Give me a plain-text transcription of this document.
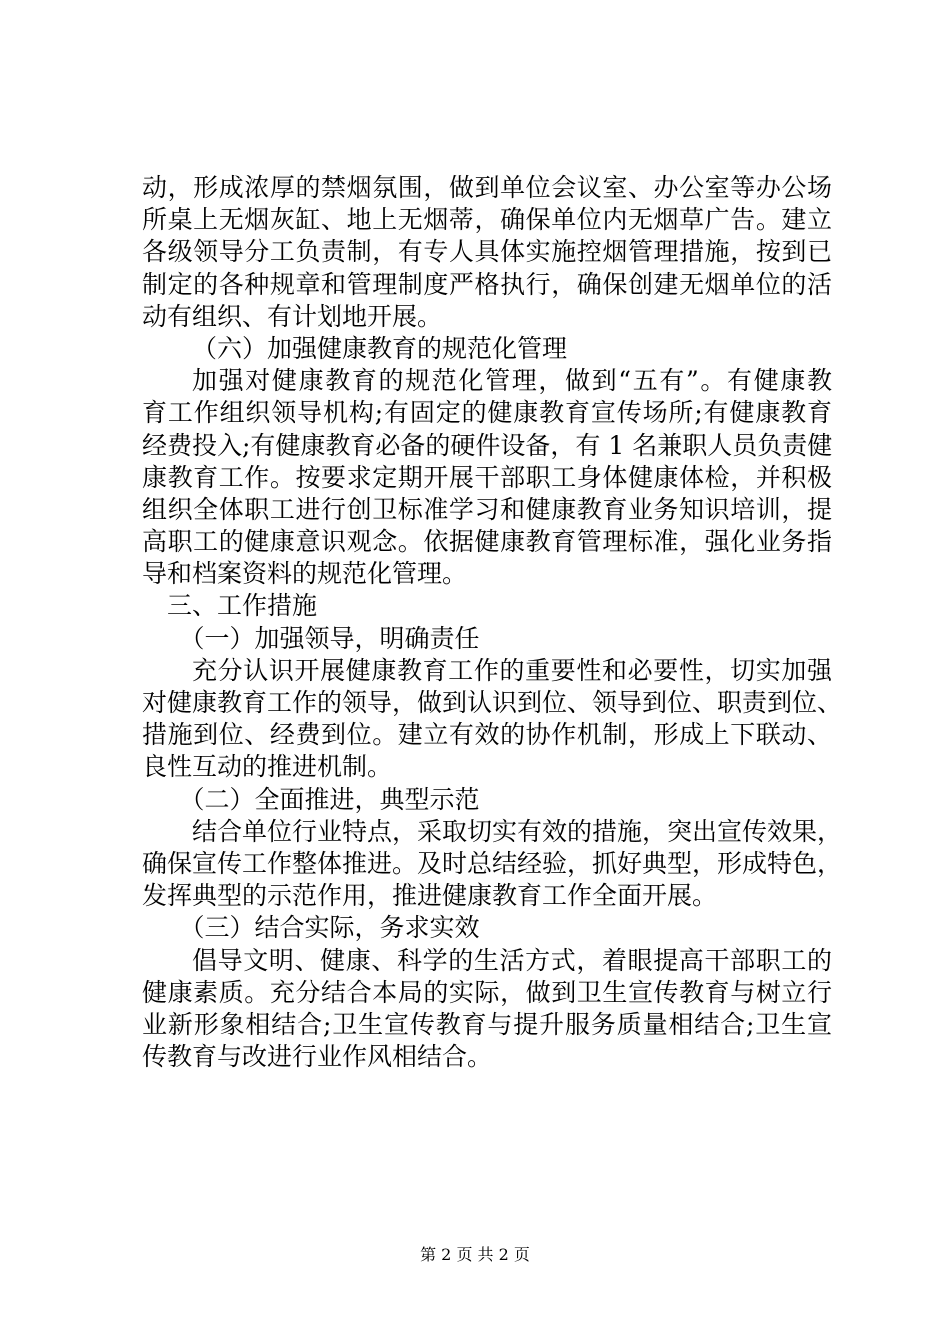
动，形成浓厚的禁烟氛围，做到单位会议室、办公室等办公场
所桌上无烟灰缸、地上无烟蒂，确保单位内无烟草广告。建立
各级领导分工负责制，有专人具体实施控烟管理措施，按到已
制定的各种规章和管理制度严格执行，确保创建无烟单位的活
动有组织、有计划地开展。
（六）加强健康教育的规范化管理
加强对健康教育的规范化管理，做到“五有”。有健康教
育工作组织领导机构;有固定的健康教育宣传场所;有健康教育
经费投入;有健康教育必备的硬件设备，有 1 名兼职人员负责健
康教育工作。按要求定期开展干部职工身体健康体检，并积极
组织全体职工进行创卫标准学习和健康教育业务知识培训，提
高职工的健康意识观念。依据健康教育管理标准，强化业务指
导和档案资料的规范化管理。
三、工作措施
（一）加强领导，明确责任
充分认识开展健康教育工作的重要性和必要性，切实加强
对健康教育工作的领导，做到认识到位、领导到位、职责到位、
措施到位、经费到位。建立有效的协作机制，形成上下联动、
良性互动的推进机制。
（二）全面推进，典型示范
结合单位行业特点，采取切实有效的措施，突出宣传效果，
确保宣传工作整体推进。及时总结经验，抓好典型，形成特色，
发挥典型的示范作用，推进健康教育工作全面开展。
（三）结合实际，务求实效
倡导文明、健康、科学的生活方式，着眼提高干部职工的
健康素质。充分结合本局的实际，做到卫生宣传教育与树立行
业新形象相结合;卫生宣传教育与提升服务质量相结合;卫生宣
传教育与改进行业作风相结合。
第 2 页 共 2 页
